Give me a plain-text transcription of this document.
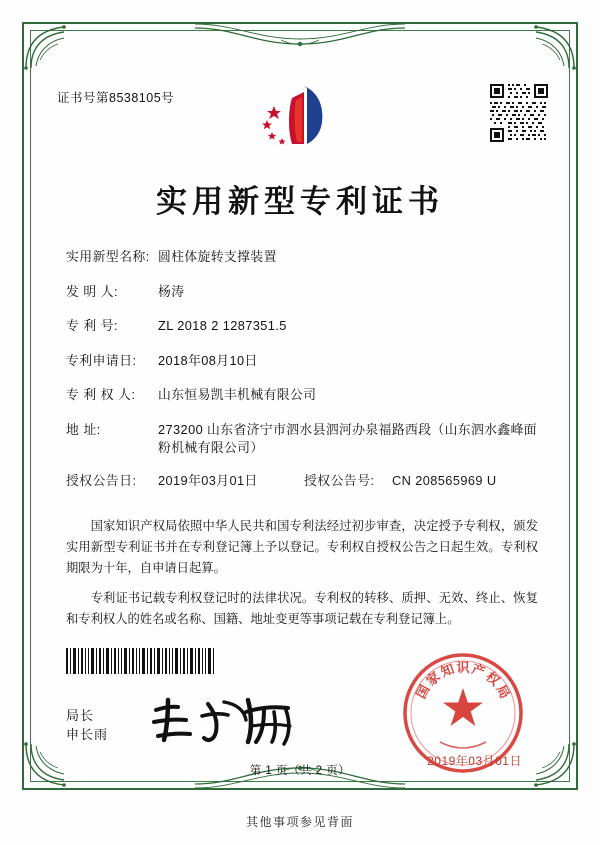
证书号第8538105号
实用新型专利证书
实用新型名称: 圆柱体旋转支撑装置
发 明 人:	杨涛
专 利 号:	ZL 2018 2 1287351.5
专利申请日:	2018年08月10日
专 利 权 人:	山东恒易凯丰机械有限公司
地 址:	273200 山东省济宁市泗水县泗河办泉福路西段（山东泗水鑫峰面粉机械有限公司）
授权公告日:	2019年03月01日	授权公告号:	CN 208565969 U

国家知识产权局依照中华人民共和国专利法经过初步审查，决定授予专利权，颁发实用新型专利证书并在专利登记簿上予以登记。专利权自授权公告之日起生效。专利权期限为十年，自申请日起算。

专利证书记载专利权登记时的法律状况。专利权的转移、质押、无效、终止、恢复和专利权人的姓名或名称、国籍、地址变更等事项记载在专利登记簿上。

局长
申长雨
国
家
知 识 产
权
局
2019年03月01日
第 1 页（共 2 页）
其他事项参见背面
